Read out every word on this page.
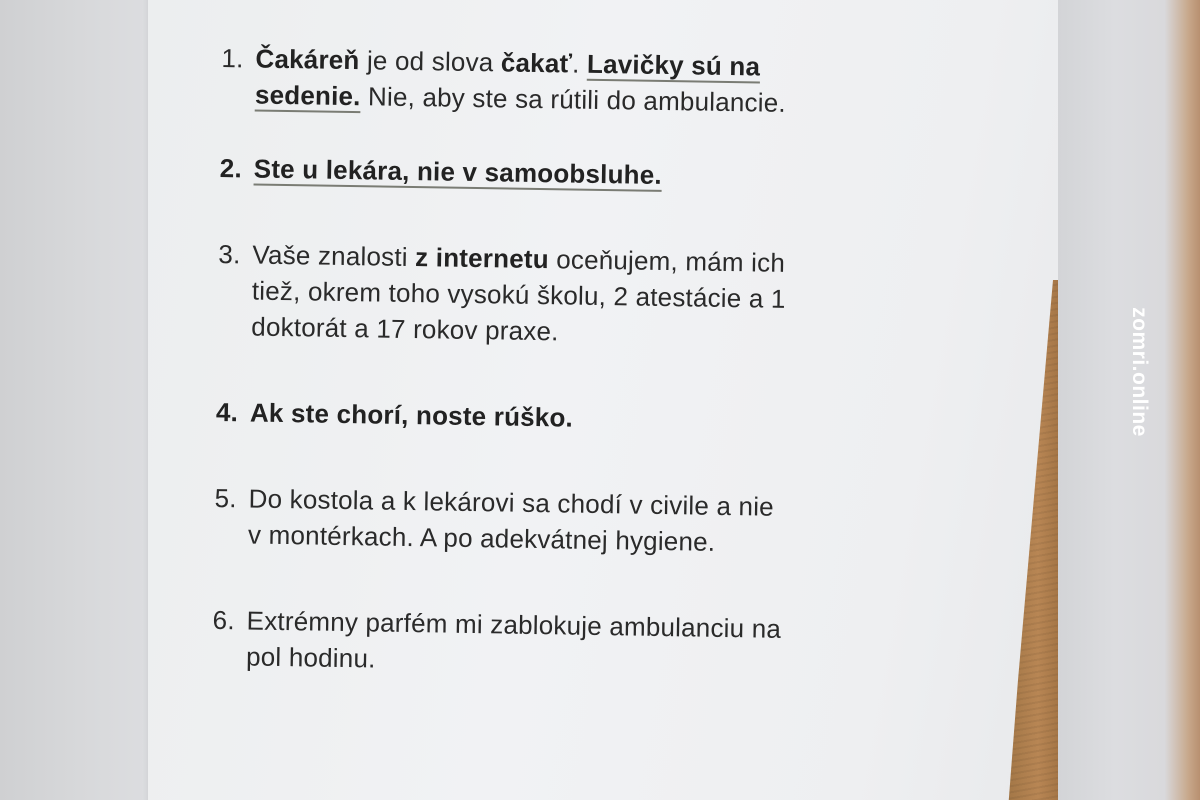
1. Čakáreň je od slova čakať. Lavičky sú na
sedenie. Nie, aby ste sa rútili do ambulancie.
2. Ste u lekára, nie v samoobsluhe.
3. Vaše znalosti z internetu oceňujem, mám ich
tiež, okrem toho vysokú školu, 2 atestácie a 1
doktorát a 17 rokov praxe.
4. Ak ste chorí, noste rúško.
5. Do kostola a k lekárovi sa chodí v civile a nie
v montérkach. A po adekvátnej hygiene.
6. Extrémny parfém mi zablokuje ambulanciu na
pol hodinu.
zomri.online
